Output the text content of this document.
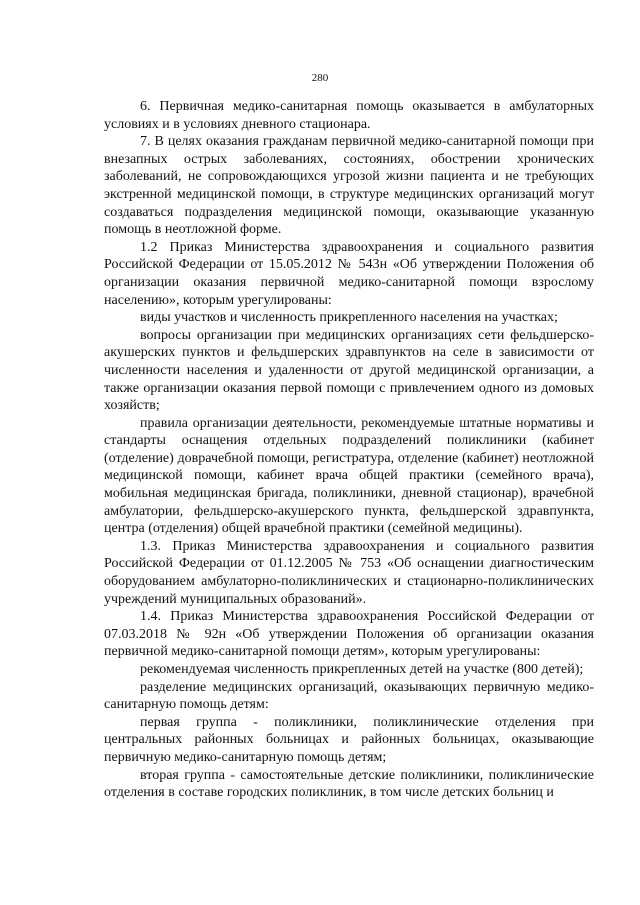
280

6. Первичная медико-санитарная помощь оказывается в амбулаторных условиях и в условиях дневного стационара.

7. В целях оказания гражданам первичной медико-санитарной помощи при внезапных острых заболеваниях, состояниях, обострении хронических заболеваний, не сопровождающихся угрозой жизни пациента и не требующих экстренной медицинской помощи, в структуре медицинских организаций могут создаваться подразделения медицинской помощи, оказывающие указанную помощь в неотложной форме.

1.2 Приказ Министерства здравоохранения и социального развития Российской Федерации от 15.05.2012 № 543н «Об утверждении Положения об организации оказания первичной медико-санитарной помощи взрослому населению», которым урегулированы:

виды участков и численность прикрепленного населения на участках;

вопросы организации при медицинских организациях сети фельдшерско-акушерских пунктов и фельдшерских здравпунктов на селе в зависимости от численности населения и удаленности от другой медицинской организации, а также организации оказания первой помощи с привлечением одного из домовых хозяйств;

правила организации деятельности, рекомендуемые штатные нормативы и стандарты оснащения отдельных подразделений поликлиники (кабинет (отделение) доврачебной помощи, регистратура, отделение (кабинет) неотложной медицинской помощи, кабинет врача общей практики (семейного врача), мобильная медицинская бригада, поликлиники, дневной стационар), врачебной амбулатории, фельдшерско-акушерского пункта, фельдшерской здравпункта, центра (отделения) общей врачебной практики (семейной медицины).

1.3. Приказ Министерства здравоохранения и социального развития Российской Федерации от 01.12.2005 № 753 «Об оснащении диагностическим оборудованием амбулаторно-поликлинических и стационарно-поликлинических учреждений муниципальных образований».

1.4. Приказ Министерства здравоохранения Российской Федерации от 07.03.2018 № 92н «Об утверждении Положения об организации оказания первичной медико-санитарной помощи детям», которым урегулированы:

рекомендуемая численность прикрепленных детей на участке (800 детей);

разделение медицинских организаций, оказывающих первичную медико-санитарную помощь детям:

первая группа - поликлиники, поликлинические отделения при центральных районных больницах и районных больницах, оказывающие первичную медико-санитарную помощь детям;

вторая группа - самостоятельные детские поликлиники, поликлинические отделения в составе городских поликлиник, в том числе детских больниц и
